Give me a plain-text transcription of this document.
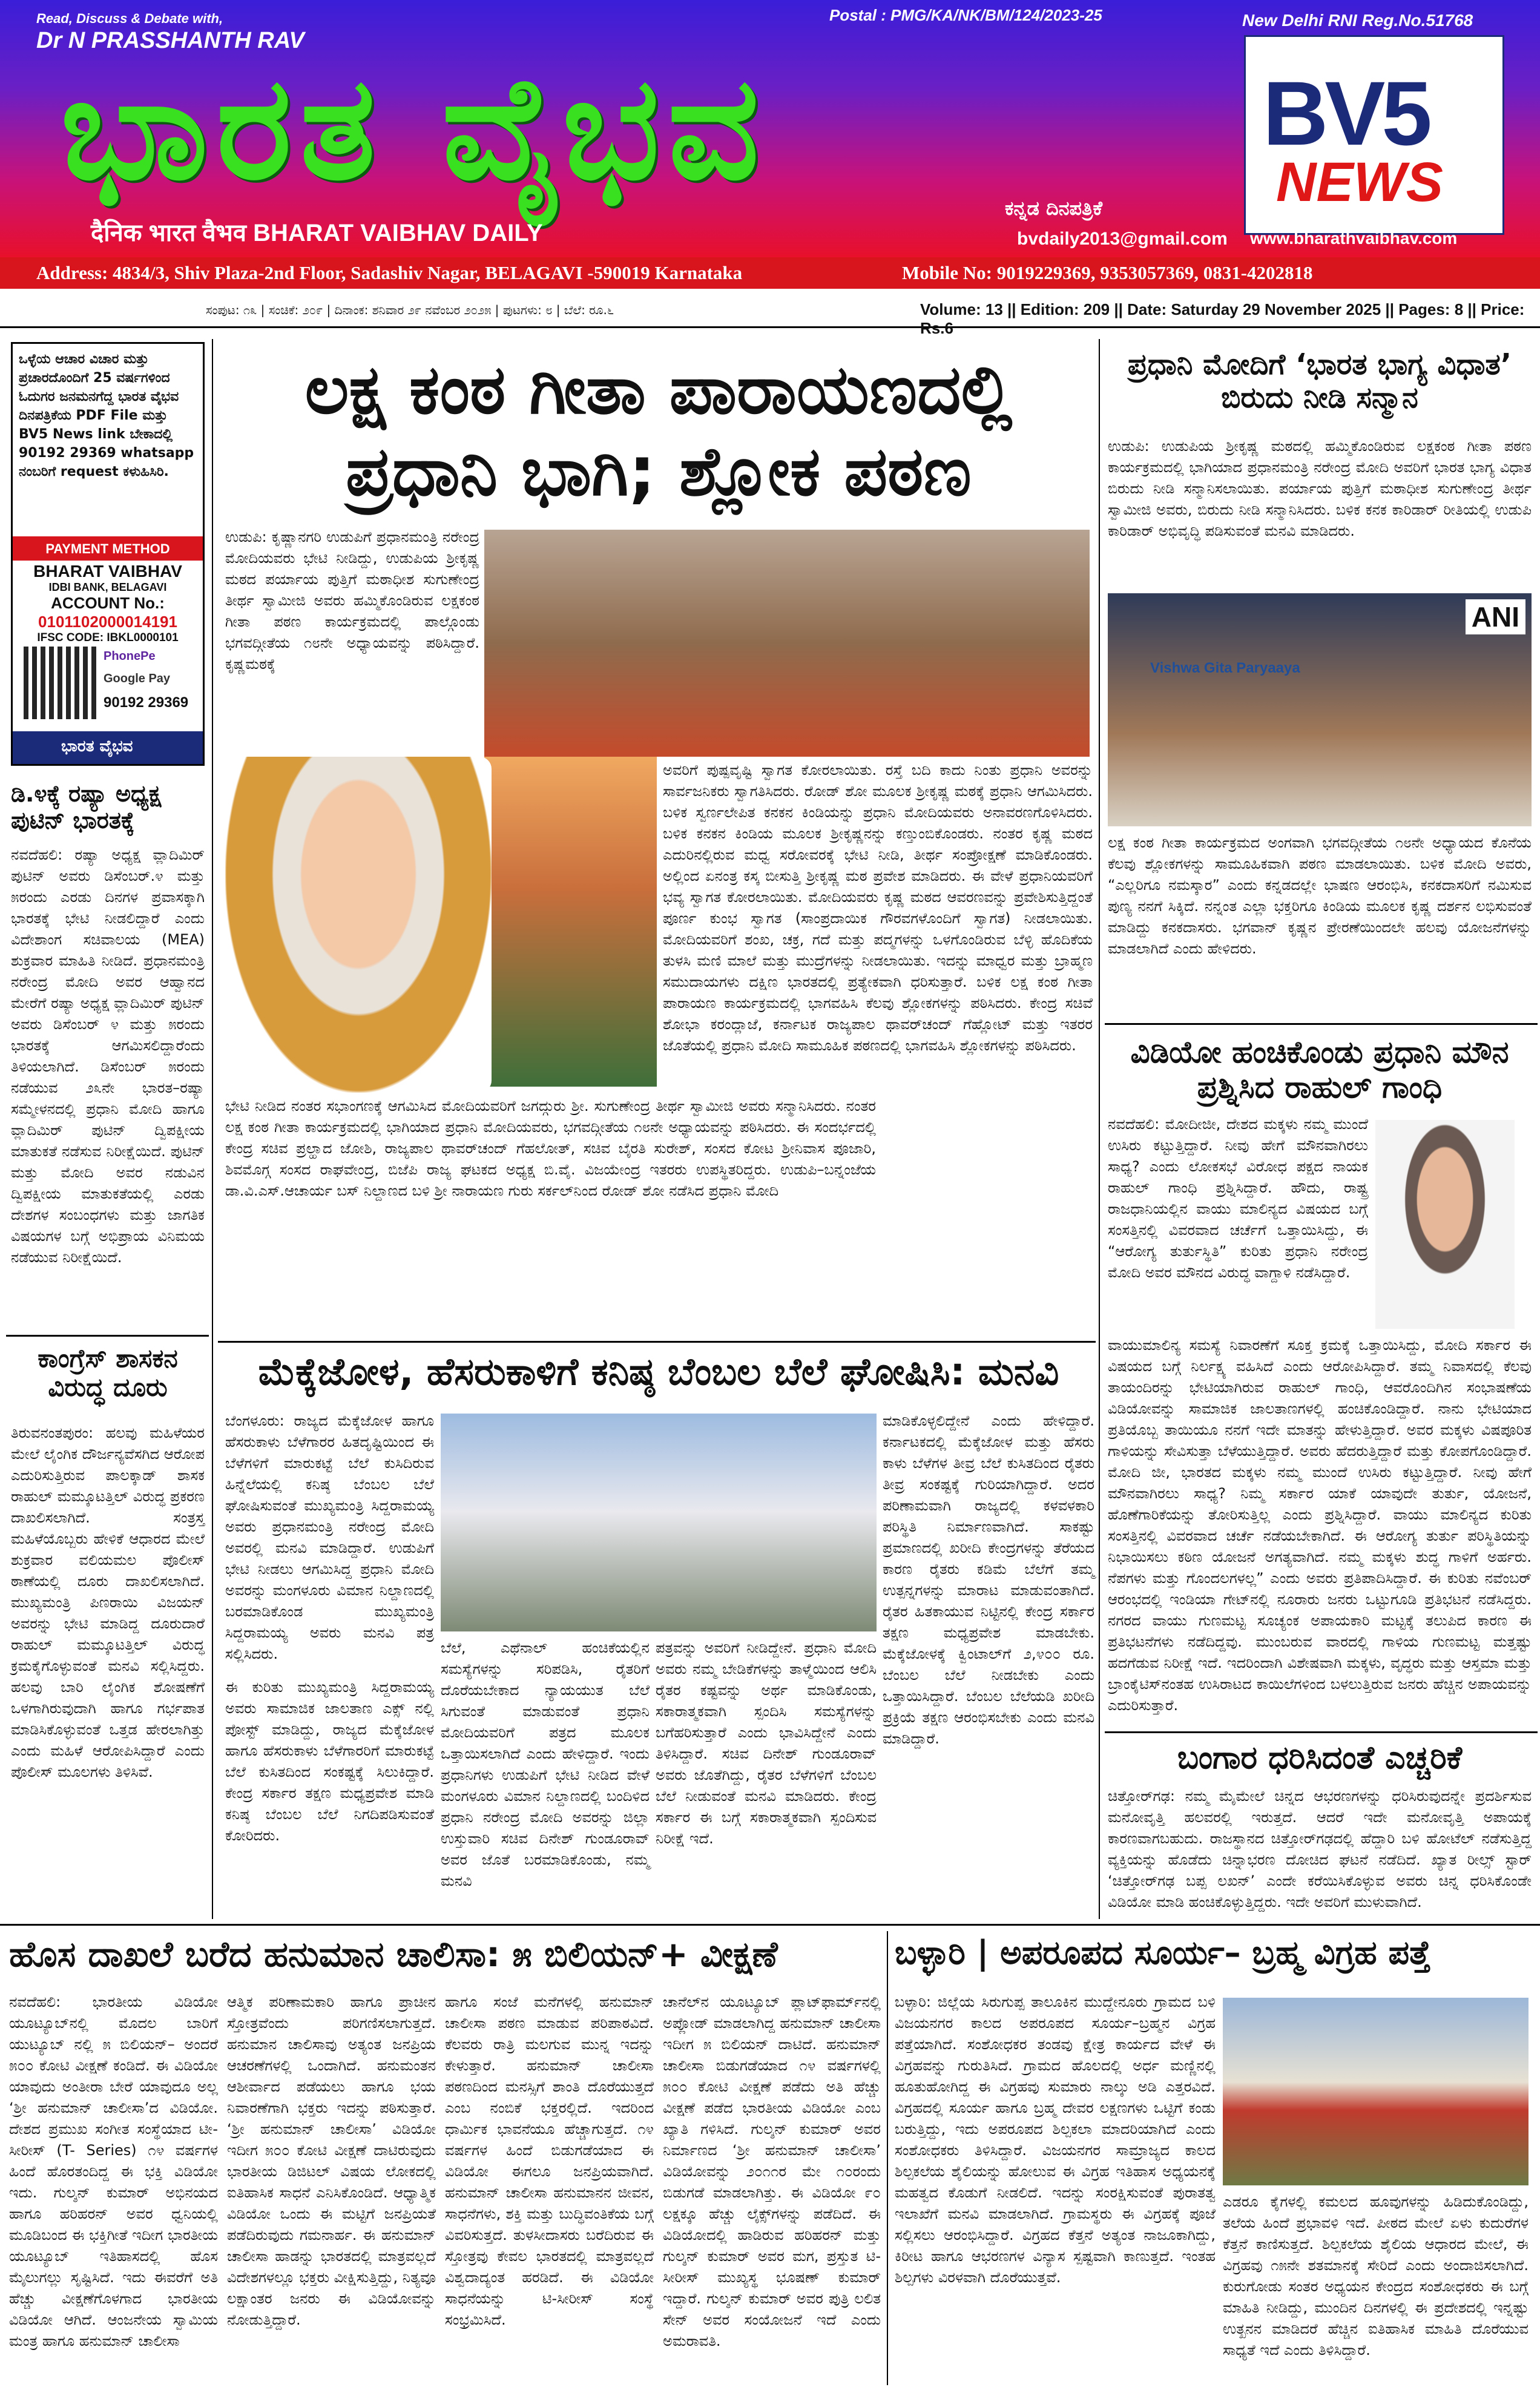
Read, Discuss & Debate with,
Dr N PRASSHANTH RAV
Postal : PMG/KA/NK/BM/124/2023-25	New Delhi RNI Reg.No.51768
ಭಾರತ ವೈಭವ	ಕನ್ನಡ ದಿನಪತ್ರಿಕೆ
दैनिक भारत वैभव BHARAT VAIBHAV DAILY	bvdaily2013@gmail.com
BV5
NEWS
www.bharathvaibhav.com
Address: 4834/3, Shiv Plaza-2nd Floor, Sadashiv Nagar, BELAGAVI -590019 Karnataka	Mobile No: 9019229369, 9353057369, 0831-4202818
ಸಂಪುಟ: ೧೩ | ಸಂಚಿಕೆ: ೨೦೯ | ದಿನಾಂಕ: ಶನಿವಾರ ೨೯ ನವೆಂಬರ ೨೦೨೫ | ಪುಟಗಳು: ೮ | ಬೆಲೆ: ರೂ.೬	Volume: 13 || Edition: 209 || Date: Saturday 29 November 2025 || Pages: 8 || Price: Rs.6
ಒಳ್ಳೆಯ ಆಚಾರ ವಿಚಾರ ಮತ್ತು ಪ್ರಚಾರದೊಂದಿಗೆ 25 ವರ್ಷಗಳಿಂದ ಓದುಗರ ಜನಮನಗೆದ್ದ ಭಾರತ ವೈಭವ ದಿನಪತ್ರಿಕೆಯ PDF File ಮತ್ತು BV5 News link ಬೇಕಾದಲ್ಲಿ 90192 29369 whatsapp ನಂಬರಿಗೆ request ಕಳುಹಿಸಿರಿ.
PAYMENT METHOD
BHARAT VAIBHAV
IDBI BANK, BELAGAVI
ACCOUNT No.:
0101102000014191
IFSC CODE: IBKL0000101
PhonePe
Google Pay
90192 29369
ಭಾರತ ವೈಭವ
ಡಿ.೪ಕ್ಕೆ ರಷ್ಯಾ ಅಧ್ಯಕ್ಷ ಪುಟಿನ್ ಭಾರತಕ್ಕೆ
ನವದೆಹಲಿ: ರಷ್ಯಾ ಅಧ್ಯಕ್ಷ ವ್ಲಾದಿಮಿರ್ ಪುಟಿನ್ ಅವರು ಡಿಸೆಂಬರ್.೪ ಮತ್ತು ೫ರಂದು ಎರಡು ದಿನಗಳ ಪ್ರವಾಸಕ್ಕಾಗಿ ಭಾರತಕ್ಕೆ ಭೇಟಿ ನೀಡಲಿದ್ದಾರೆ ಎಂದು ವಿದೇಶಾಂಗ ಸಚಿವಾಲಯ (MEA) ಶುಕ್ರವಾರ ಮಾಹಿತಿ ನೀಡಿದೆ. ಪ್ರಧಾನಮಂತ್ರಿ ನರೇಂದ್ರ ಮೋದಿ ಅವರ ಆಹ್ವಾನದ ಮೇರೆಗೆ ರಷ್ಯಾ ಅಧ್ಯಕ್ಷ ವ್ಲಾದಿಮಿರ್ ಪುಟಿನ್ ಅವರು ಡಿಸೆಂಬರ್ ೪ ಮತ್ತು ೫ರಂದು ಭಾರತಕ್ಕೆ ಆಗಮಿಸಲಿದ್ದಾರೆಂದು ತಿಳಿಯಲಾಗಿದೆ. ಡಿಸೆಂಬರ್ ೫ರಂದು ನಡೆಯುವ ೨೩ನೇ ಭಾರತ–ರಷ್ಯಾ ಸಮ್ಮೇಳನದಲ್ಲಿ ಪ್ರಧಾನಿ ಮೋದಿ ಹಾಗೂ ವ್ಲಾದಿಮಿರ್ ಪುಟಿನ್ ದ್ವಿಪಕ್ಷೀಯ ಮಾತುಕತೆ ನಡೆಸುವ ನಿರೀಕ್ಷೆಯಿದೆ. ಪುಟಿನ್ ಮತ್ತು ಮೋದಿ ಅವರ ನಡುವಿನ ದ್ವಿಪಕ್ಷೀಯ ಮಾತುಕತೆಯಲ್ಲಿ ಎರಡು ದೇಶಗಳ ಸಂಬಂಧಗಳು ಮತ್ತು ಜಾಗತಿಕ ವಿಷಯಗಳ ಬಗ್ಗೆ ಅಭಿಪ್ರಾಯ ವಿನಿಮಯ ನಡೆಯುವ ನಿರೀಕ್ಷೆಯಿದೆ.
ಕಾಂಗ್ರೆಸ್ ಶಾಸಕನ ವಿರುದ್ಧ ದೂರು
ತಿರುವನಂತಪುರಂ: ಹಲವು ಮಹಿಳೆಯರ ಮೇಲೆ ಲೈಂಗಿಕ ದೌರ್ಜನ್ಯವೆಸಗಿದ ಆರೋಪ ಎದುರಿಸುತ್ತಿರುವ ಪಾಲಕ್ಕಾಡ್ ಶಾಸಕ ರಾಹುಲ್ ಮಮ್ಕೂಟತ್ತಿಲ್ ವಿರುದ್ಧ ಪ್ರಕರಣ ದಾಖಲಿಸಲಾಗಿದೆ. ಸಂತ್ರಸ್ತ ಮಹಿಳೆಯೊಬ್ಬರು ಹೇಳಿಕೆ ಆಧಾರದ ಮೇಲೆ ಶುಕ್ರವಾರ ವಲಿಯಮಲ ಪೊಲೀಸ್ ಠಾಣೆಯಲ್ಲಿ ದೂರು ದಾಖಲಿಸಲಾಗಿದೆ. ಮುಖ್ಯಮಂತ್ರಿ ಪಿಣರಾಯಿ ವಿಜಯನ್ ಅವರನ್ನು ಭೇಟಿ ಮಾಡಿದ್ದ ದೂರುದಾರೆ ರಾಹುಲ್ ಮಮ್ಕೂಟತ್ತಿಲ್ ವಿರುದ್ಧ ಕ್ರಮಕೈಗೊಳ್ಳುವಂತೆ ಮನವಿ ಸಲ್ಲಿಸಿದ್ದರು. ಹಲವು ಬಾರಿ ಲೈಂಗಿಕ ಶೋಷಣೆಗೆ ಒಳಗಾಗಿರುವುದಾಗಿ ಹಾಗೂ ಗರ್ಭಪಾತ ಮಾಡಿಸಿಕೊಳ್ಳುವಂತೆ ಒತ್ತಡ ಹೇರಲಾಗಿತ್ತು ಎಂದು ಮಹಿಳೆ ಆರೋಪಿಸಿದ್ದಾರೆ ಎಂದು ಪೊಲೀಸ್ ಮೂಲಗಳು ತಿಳಿಸಿವೆ.
ಲಕ್ಷ ಕಂಠ ಗೀತಾ ಪಾರಾಯಣದಲ್ಲಿ
ಪ್ರಧಾನಿ ಭಾಗಿ; ಶ್ಲೋಕ ಪಠಣ
ಉಡುಪಿ: ಕೃಷ್ಣಾನಗರಿ ಉಡುಪಿಗೆ ಪ್ರಧಾನಮಂತ್ರಿ ನರೇಂದ್ರ ಮೋದಿಯವರು ಭೇಟಿ ನೀಡಿದ್ದು, ಉಡುಪಿಯ ಶ್ರೀಕೃಷ್ಣ ಮಠದ ಪರ್ಯಾಯ ಪುತ್ತಿಗೆ ಮಠಾಧೀಶ ಸುಗುಣೇಂದ್ರ ತೀರ್ಥ ಸ್ವಾಮೀಜಿ ಅವರು ಹಮ್ಮಿಕೊಂಡಿರುವ ಲಕ್ಷಕಂಠ ಗೀತಾ ಪಠಣ ಕಾರ್ಯಕ್ರಮದಲ್ಲಿ ಪಾಲ್ಗೊಂಡು ಭಗವದ್ಗೀತೆಯ ೧೮ನೇ ಅಧ್ಯಾಯವನ್ನು ಪಠಿಸಿದ್ದಾರೆ. ಕೃಷ್ಣಮಠಕ್ಕೆ
ಅವರಿಗೆ ಪುಷ್ಪವೃಷ್ಟಿ ಸ್ವಾಗತ ಕೋರಲಾಯಿತು. ರಸ್ತೆ ಬದಿ ಕಾದು ನಿಂತು ಪ್ರಧಾನಿ ಅವರನ್ನು ಸಾರ್ವಜನಿಕರು ಸ್ವಾಗತಿಸಿದರು. ರೋಡ್ ಶೋ ಮೂಲಕ ಶ್ರೀಕೃಷ್ಣ ಮಠಕ್ಕೆ ಪ್ರಧಾನಿ ಆಗಮಿಸಿದರು. ಬಳಿಕ ಸ್ವರ್ಣಲೇಪಿತ ಕನಕನ ಕಿಂಡಿಯನ್ನು ಪ್ರಧಾನಿ ಮೋದಿಯವರು ಅನಾವರಣಗೊಳಿಸಿದರು. ಬಳಿಕ ಕನಕನ ಕಿಂಡಿಯ ಮೂಲಕ ಶ್ರೀಕೃಷ್ಣನನ್ನು ಕಣ್ತುಂಬಿಕೊಂಡರು. ನಂತರ ಕೃಷ್ಣ ಮಠದ ಎದುರಿನಲ್ಲಿರುವ ಮಧ್ವ ಸರೋವರಕ್ಕೆ ಭೇಟಿ ನೀಡಿ, ತೀರ್ಥ ಸಂಪ್ರೋಕ್ಷಣೆ ಮಾಡಿಕೊಂಡರು. ಅಲ್ಲಿಂದ ಏನಂತ್ರ ಕಸ್ಕ ಬೀಸುತ್ತಿ ಶ್ರೀಕೃಷ್ಣ ಮಠ ಪ್ರವೇಶ ಮಾಡಿದರು. ಈ ವೇಳೆ ಪ್ರಧಾನಿಯವರಿಗೆ ಭವ್ಯ ಸ್ವಾಗತ ಕೋರಲಾಯಿತು. ಮೋದಿಯವರು ಕೃಷ್ಣ ಮಠದ ಆವರಣವನ್ನು ಪ್ರವೇಶಿಸುತ್ತಿದ್ದಂತೆ ಪೂರ್ಣ ಕುಂಭ ಸ್ವಾಗತ (ಸಾಂಪ್ರದಾಯಿಕ ಗೌರವಗಳೊಂದಿಗೆ ಸ್ವಾಗತ) ನೀಡಲಾಯಿತು. ಮೋದಿಯವರಿಗೆ ಶಂಖ, ಚಕ್ರ, ಗದೆ ಮತ್ತು ಪದ್ಮಗಳನ್ನು ಒಳಗೊಂಡಿರುವ ಬೆಳ್ಳಿ ಹೊದಿಕೆಯ ತುಳಸಿ ಮಣಿ ಮಾಲೆ ಮತ್ತು ಮುದ್ರೆಗಳನ್ನು ನೀಡಲಾಯಿತು. ಇದನ್ನು ಮಾಧ್ವರ ಮತ್ತು ಬ್ರಾಹ್ಮಣ ಸಮುದಾಯಗಳು ದಕ್ಷಿಣ ಭಾರತದಲ್ಲಿ ಪ್ರತ್ಯೇಕವಾಗಿ ಧರಿಸುತ್ತಾರೆ. ಬಳಿಕ ಲಕ್ಷ ಕಂಠ ಗೀತಾ ಪಾರಾಯಣ ಕಾರ್ಯಕ್ರಮದಲ್ಲಿ ಭಾಗವಹಿಸಿ ಕೆಲವು ಶ್ಲೋಕಗಳನ್ನು ಪಠಿಸಿದರು. ಕೇಂದ್ರ ಸಚಿವೆ ಶೋಭಾ ಕರಂದ್ಲಾಜೆ, ಕರ್ನಾಟಕ ರಾಜ್ಯಪಾಲ ಥಾವರ್‌ಚಂದ್ ಗೆಹ್ಲೋಟ್ ಮತ್ತು ಇತರರ ಜೊತೆಯಲ್ಲಿ ಪ್ರಧಾನಿ ಮೋದಿ ಸಾಮೂಹಿಕ ಪಠಣದಲ್ಲಿ ಭಾಗವಹಿಸಿ ಶ್ಲೋಕಗಳನ್ನು ಪಠಿಸಿದರು.
ಭೇಟಿ ನೀಡಿದ ನಂತರ ಸಭಾಂಗಣಕ್ಕೆ ಆಗಮಿಸಿದ ಮೋದಿಯವರಿಗೆ ಜಗದ್ಗುರು ಶ್ರೀ. ಸುಗುಣೇಂದ್ರ ತೀರ್ಥ ಸ್ವಾಮೀಜಿ ಅವರು ಸನ್ಮಾನಿಸಿದರು. ನಂತರ ಲಕ್ಷ ಕಂಠ ಗೀತಾ ಕಾರ್ಯಕ್ರಮದಲ್ಲಿ ಭಾಗಿಯಾದ ಪ್ರಧಾನಿ ಮೋದಿಯವರು, ಭಗವದ್ಗೀತೆಯ ೧೮ನೇ ಅಧ್ಯಾಯವನ್ನು ಪಠಿಸಿದರು. ಈ ಸಂದರ್ಭದಲ್ಲಿ ಕೇಂದ್ರ ಸಚಿವ ಪ್ರಲ್ಹಾದ ಜೋಶಿ, ರಾಜ್ಯಪಾಲ ಥಾವರ್‌ಚಂದ್ ಗೆಹಲೋತ್, ಸಚಿವ ಬೈರತಿ ಸುರೇಶ್, ಸಂಸದ ಕೋಟ ಶ್ರೀನಿವಾಸ ಪೂಜಾರಿ, ಶಿವಮೊಗ್ಗ ಸಂಸದ ರಾಘವೇಂದ್ರ, ಬಿಜೆಪಿ ರಾಜ್ಯ ಘಟಕದ ಅಧ್ಯಕ್ಷ ಬಿ.ವೈ. ವಿಜಯೇಂದ್ರ ಇತರರು ಉಪಸ್ಥಿತರಿದ್ದರು. ಉಡುಪಿ–ಬನ್ನಂಜೆಯ ಡಾ.ವಿ.ಎಸ್.ಆಚಾರ್ಯ ಬಸ್ ನಿಲ್ದಾಣದ ಬಳಿ ಶ್ರೀ ನಾರಾಯಣ ಗುರು ಸರ್ಕಲ್‌ನಿಂದ ರೋಡ್ ಶೋ ನಡೆಸಿದ ಪ್ರಧಾನಿ ಮೋದಿ
ಮೆಕ್ಕೆಜೋಳ, ಹೆಸರುಕಾಳಿಗೆ ಕನಿಷ್ಠ ಬೆಂಬಲ ಬೆಲೆ ಘೋಷಿಸಿ: ಮನವಿ
ಬೆಂಗಳೂರು: ರಾಜ್ಯದ ಮೆಕ್ಕೆಜೋಳ ಹಾಗೂ ಹೆಸರುಕಾಳು ಬೆಳೆಗಾರರ ಹಿತದೃಷ್ಟಿಯಿಂದ ಈ ಬೆಳೆಗಳಿಗೆ ಮಾರುಕಟ್ಟೆ ಬೆಲೆ ಕುಸಿದಿರುವ ಹಿನ್ನೆಲೆಯಲ್ಲಿ ಕನಿಷ್ಠ ಬೆಂಬಲ ಬೆಲೆ ಘೋಷಿಸುವಂತೆ ಮುಖ್ಯಮಂತ್ರಿ ಸಿದ್ದರಾಮಯ್ಯ ಅವರು ಪ್ರಧಾನಮಂತ್ರಿ ನರೇಂದ್ರ ಮೋದಿ ಅವರಲ್ಲಿ ಮನವಿ ಮಾಡಿದ್ದಾರೆ. ಉಡುಪಿಗೆ ಭೇಟಿ ನೀಡಲು ಆಗಮಿಸಿದ್ದ ಪ್ರಧಾನಿ ಮೋದಿ ಅವರನ್ನು ಮಂಗಳೂರು ವಿಮಾನ ನಿಲ್ದಾಣದಲ್ಲಿ ಬರಮಾಡಿಕೊಂಡ ಮುಖ್ಯಮಂತ್ರಿ ಸಿದ್ದರಾಮಯ್ಯ ಅವರು ಮನವಿ ಪತ್ರ ಸಲ್ಲಿಸಿದರು.
ಮಾಡಿಕೊಳ್ಳಲಿದ್ದೇನೆ ಎಂದು ಹೇಳಿದ್ದಾರೆ. ಕರ್ನಾಟಕದಲ್ಲಿ ಮೆಕ್ಕೆಜೋಳ ಮತ್ತು ಹೆಸರು ಕಾಳು ಬೆಳೆಗಳ ತೀವ್ರ ಬೆಲೆ ಕುಸಿತದಿಂದ ರೈತರು ತೀವ್ರ ಸಂಕಷ್ಟಕ್ಕೆ ಗುರಿಯಾಗಿದ್ದಾರೆ. ಅದರ ಪರಿಣಾಮವಾಗಿ ರಾಜ್ಯದಲ್ಲಿ ಕಳವಳಕಾರಿ ಪರಿಸ್ಥಿತಿ ನಿರ್ಮಾಣವಾಗಿದೆ. ಸಾಕಷ್ಟು ಪ್ರಮಾಣದಲ್ಲಿ ಖರೀದಿ ಕೇಂದ್ರಗಳನ್ನು ತೆರೆಯದ ಕಾರಣ ರೈತರು ಕಡಿಮೆ ಬೆಲೆಗೆ ತಮ್ಮ ಉತ್ಪನ್ನಗಳನ್ನು ಮಾರಾಟ ಮಾಡುವಂತಾಗಿದೆ. ರೈತರ ಹಿತಕಾಯುವ ನಿಟ್ಟಿನಲ್ಲಿ ಕೇಂದ್ರ ಸರ್ಕಾರ ತಕ್ಷಣ ಮಧ್ಯಪ್ರವೇಶ ಮಾಡಬೇಕು. ಮೆಕ್ಕೆಜೋಳಕ್ಕೆ ಕ್ವಿಂಟಾಲ್‌ಗೆ ೨,೪೦೦ ರೂ. ಬೆಂಬಲ ಬೆಲೆ ನೀಡಬೇಕು ಎಂದು ಒತ್ತಾಯಿಸಿದ್ದಾರೆ. ಬೆಂಬಲ ಬೆಲೆಯಡಿ ಖರೀದಿ ಪ್ರಕ್ರಿಯೆ ತಕ್ಷಣ ಆರಂಭಿಸಬೇಕು ಎಂದು ಮನವಿ ಮಾಡಿದ್ದಾರೆ.
ಈ ಕುರಿತು ಮುಖ್ಯಮಂತ್ರಿ ಸಿದ್ದರಾಮಯ್ಯ ಅವರು ಸಾಮಾಜಿಕ ಜಾಲತಾಣ ಎಕ್ಸ್ ನಲ್ಲಿ ಪೋಸ್ಟ್ ಮಾಡಿದ್ದು, ರಾಜ್ಯದ ಮೆಕ್ಕೆಜೋಳ ಹಾಗೂ ಹೆಸರುಕಾಳು ಬೆಳೆಗಾರರಿಗೆ ಮಾರುಕಟ್ಟೆ ಬೆಲೆ ಕುಸಿತದಿಂದ ಸಂಕಷ್ಟಕ್ಕೆ ಸಿಲುಕಿದ್ದಾರೆ. ಕೇಂದ್ರ ಸರ್ಕಾರ ತಕ್ಷಣ ಮಧ್ಯಪ್ರವೇಶ ಮಾಡಿ ಕನಿಷ್ಠ ಬೆಂಬಲ ಬೆಲೆ ನಿಗದಿಪಡಿಸುವಂತೆ ಕೋರಿದರು.
ಬೆಲೆ, ಎಥೆನಾಲ್ ಹಂಚಿಕೆಯಲ್ಲಿನ ಸಮಸ್ಯೆಗಳನ್ನು ಸರಿಪಡಿಸಿ, ರೈತರಿಗೆ ದೊರೆಯಬೇಕಾದ ನ್ಯಾಯಯುತ ಬೆಲೆ ಸಿಗುವಂತೆ ಮಾಡುವಂತೆ ಪ್ರಧಾನಿ ಮೋದಿಯವರಿಗೆ ಪತ್ರದ ಮೂಲಕ ಒತ್ತಾಯಿಸಲಾಗಿದೆ ಎಂದು ಹೇಳಿದ್ದಾರೆ. ಇಂದು ಪ್ರಧಾನಿಗಳು ಉಡುಪಿಗೆ ಭೇಟಿ ನೀಡಿದ ವೇಳೆ ಮಂಗಳೂರು ವಿಮಾನ ನಿಲ್ದಾಣದಲ್ಲಿ ಬಂದಿಳಿದ ಪ್ರಧಾನಿ ನರೇಂದ್ರ ಮೋದಿ ಅವರನ್ನು ಜಿಲ್ಲಾ ಉಸ್ತುವಾರಿ ಸಚಿವ ದಿನೇಶ್ ಗುಂಡೂರಾವ್ ಅವರ ಜೊತೆ ಬರಮಾಡಿಕೊಂಡು, ನಮ್ಮ ಮನವಿ
ಪತ್ರವನ್ನು ಅವರಿಗೆ ನೀಡಿದ್ದೇನೆ. ಪ್ರಧಾನಿ ಮೋದಿ ಅವರು ನಮ್ಮ ಬೇಡಿಕೆಗಳನ್ನು ತಾಳ್ಮೆಯಿಂದ ಆಲಿಸಿ ರೈತರ ಕಷ್ಟವನ್ನು ಅರ್ಥ ಮಾಡಿಕೊಂಡು, ಸಕಾರಾತ್ಮಕವಾಗಿ ಸ್ಪಂದಿಸಿ ಸಮಸ್ಯೆಗಳನ್ನು ಬಗೆಹರಿಸುತ್ತಾರೆ ಎಂದು ಭಾವಿಸಿದ್ದೇನೆ ಎಂದು ತಿಳಿಸಿದ್ದಾರೆ. ಸಚಿವ ದಿನೇಶ್ ಗುಂಡೂರಾವ್ ಅವರು ಜೊತೆಗಿದ್ದು, ರೈತರ ಬೆಳೆಗಳಿಗೆ ಬೆಂಬಲ ಬೆಲೆ ನೀಡುವಂತೆ ಮನವಿ ಮಾಡಿದರು. ಕೇಂದ್ರ ಸರ್ಕಾರ ಈ ಬಗ್ಗೆ ಸಕಾರಾತ್ಮಕವಾಗಿ ಸ್ಪಂದಿಸುವ ನಿರೀಕ್ಷೆ ಇದೆ.
ಪ್ರಧಾನಿ ಮೋದಿಗೆ ‘ಭಾರತ ಭಾಗ್ಯ ವಿಧಾತ’ ಬಿರುದು ನೀಡಿ ಸನ್ಮಾನ
ಉಡುಪಿ: ಉಡುಪಿಯ ಶ್ರೀಕೃಷ್ಣ ಮಠದಲ್ಲಿ ಹಮ್ಮಿಕೊಂಡಿರುವ ಲಕ್ಷಕಂಠ ಗೀತಾ ಪಠಣ ಕಾರ್ಯಕ್ರಮದಲ್ಲಿ ಭಾಗಿಯಾದ ಪ್ರಧಾನಮಂತ್ರಿ ನರೇಂದ್ರ ಮೋದಿ ಅವರಿಗೆ ಭಾರತ ಭಾಗ್ಯ ವಿಧಾತ ಬಿರುದು ನೀಡಿ ಸನ್ಮಾನಿಸಲಾಯಿತು. ಪರ್ಯಾಯ ಪುತ್ತಿಗೆ ಮಠಾಧೀಶ ಸುಗುಣೇಂದ್ರ ತೀರ್ಥ ಸ್ವಾಮೀಜಿ ಅವರು, ಬಿರುದು ನೀಡಿ ಸನ್ಮಾನಿಸಿದರು. ಬಳಿಕ ಕನಕ ಕಾರಿಡಾರ್ ರೀತಿಯಲ್ಲಿ ಉಡುಪಿ ಕಾರಿಡಾರ್ ಅಭಿವೃದ್ಧಿ ಪಡಿಸುವಂತೆ ಮನವಿ ಮಾಡಿದರು.
ANI
Vishwa Gita Paryaaya
ಲಕ್ಷ ಕಂಠ ಗೀತಾ ಕಾರ್ಯಕ್ರಮದ ಅಂಗವಾಗಿ ಭಗವದ್ಗೀತೆಯ ೧೮ನೇ ಅಧ್ಯಾಯದ ಕೊನೆಯ ಕೆಲವು ಶ್ಲೋಕಗಳನ್ನು ಸಾಮೂಹಿಕವಾಗಿ ಪಠಣ ಮಾಡಲಾಯಿತು. ಬಳಿಕ ಮೋದಿ ಅವರು, “ಎಲ್ಲರಿಗೂ ನಮಸ್ಕಾರ” ಎಂದು ಕನ್ನಡದಲ್ಲೇ ಭಾಷಣ ಆರಂಭಿಸಿ, ಕನಕದಾಸರಿಗೆ ನಮಿಸುವ ಪುಣ್ಯ ನನಗೆ ಸಿಕ್ಕಿದೆ. ನನ್ನಂತ ಎಲ್ಲಾ ಭಕ್ತರಿಗೂ ಕಿಂಡಿಯ ಮೂಲಕ ಕೃಷ್ಣ ದರ್ಶನ ಲಭಿಸುವಂತೆ ಮಾಡಿದ್ದು ಕನಕದಾಸರು. ಭಗವಾನ್ ಕೃಷ್ಣನ ಪ್ರೇರಣೆಯಿಂದಲೇ ಹಲವು ಯೋಜನೆಗಳನ್ನು ಮಾಡಲಾಗಿದೆ ಎಂದು ಹೇಳಿದರು.
ವಿಡಿಯೋ ಹಂಚಿಕೊಂಡು ಪ್ರಧಾನಿ ಮೌನ ಪ್ರಶ್ನಿಸಿದ ರಾಹುಲ್ ಗಾಂಧಿ
ನವದೆಹಲಿ: ಮೋದೀಜೀ, ದೇಶದ ಮಕ್ಕಳು ನಮ್ಮ ಮುಂದೆ ಉಸಿರು ಕಟ್ಟುತ್ತಿದ್ದಾರೆ. ನೀವು ಹೇಗೆ ಮೌನವಾಗಿರಲು ಸಾಧ್ಯ? ಎಂದು ಲೋಕಸಭೆ ವಿರೋಧ ಪಕ್ಷದ ನಾಯಕ ರಾಹುಲ್ ಗಾಂಧಿ ಪ್ರಶ್ನಿಸಿದ್ದಾರೆ. ಹೌದು, ರಾಷ್ಟ್ರ ರಾಜಧಾನಿಯಲ್ಲಿನ ವಾಯು ಮಾಲಿನ್ಯದ ವಿಷಯದ ಬಗ್ಗೆ ಸಂಸತ್ತಿನಲ್ಲಿ ವಿವರವಾದ ಚರ್ಚೆಗೆ ಒತ್ತಾಯಿಸಿದ್ದು, ಈ “ಆರೋಗ್ಯ ತುರ್ತುಸ್ಥಿತಿ” ಕುರಿತು ಪ್ರಧಾನಿ ನರೇಂದ್ರ ಮೋದಿ ಅವರ ಮೌನದ ವಿರುದ್ಧ ವಾಗ್ದಾಳಿ ನಡೆಸಿದ್ದಾರೆ.
ವಾಯುಮಾಲಿನ್ಯ ಸಮಸ್ಯೆ ನಿವಾರಣೆಗೆ ಸೂಕ್ತ ಕ್ರಮಕ್ಕೆ ಒತ್ತಾಯಿಸಿದ್ದು, ಮೋದಿ ಸರ್ಕಾರ ಈ ವಿಷಯದ ಬಗ್ಗೆ ನಿರ್ಲಕ್ಷ್ಯ ವಹಿಸಿದೆ ಎಂದು ಆರೋಪಿಸಿದ್ದಾರೆ. ತಮ್ಮ ನಿವಾಸದಲ್ಲಿ ಕೆಲವು ತಾಯಂದಿರನ್ನು ಭೇಟಿಯಾಗಿರುವ ರಾಹುಲ್ ಗಾಂಧಿ, ಆವರೊಂದಿಗಿನ ಸಂಭಾಷಣೆಯ ವಿಡಿಯೋವನ್ನು ಸಾಮಾಜಿಕ ಜಾಲತಾಣಗಳಲ್ಲಿ ಹಂಚಿಕೊಂಡಿದ್ದಾರೆ. ನಾನು ಭೇಟಿಯಾದ ಪ್ರತಿಯೊಬ್ಬ ತಾಯಿಯೂ ನನಗೆ ಇದೇ ಮಾತನ್ನು ಹೇಳುತ್ತಿದ್ದಾರೆ. ಅವರ ಮಕ್ಕಳು ವಿಷಪೂರಿತ ಗಾಳಿಯನ್ನು ಸೇವಿಸುತ್ತಾ ಬೆಳೆಯುತ್ತಿದ್ದಾರೆ. ಅವರು ಹೆದರುತ್ತಿದ್ದಾರೆ ಮತ್ತು ಕೋಪಗೊಂಡಿದ್ದಾರೆ. ಮೋದಿ ಜೀ, ಭಾರತದ ಮಕ್ಕಳು ನಮ್ಮ ಮುಂದೆ ಉಸಿರು ಕಟ್ಟುತ್ತಿದ್ದಾರೆ. ನೀವು ಹೇಗೆ ಮೌನವಾಗಿರಲು ಸಾಧ್ಯ? ನಿಮ್ಮ ಸರ್ಕಾರ ಯಾಕೆ ಯಾವುದೇ ತುರ್ತು, ಯೋಜನೆ, ಹೊಣೆಗಾರಿಕೆಯನ್ನು ತೋರಿಸುತ್ತಿಲ್ಲ ಎಂದು ಪ್ರಶ್ನಿಸಿದ್ದಾರೆ. ವಾಯು ಮಾಲಿನ್ಯದ ಕುರಿತು ಸಂಸತ್ತಿನಲ್ಲಿ ವಿವರವಾದ ಚರ್ಚೆ ನಡೆಯಬೇಕಾಗಿದೆ. ಈ ಆರೋಗ್ಯ ತುರ್ತು ಪರಿಸ್ಥಿತಿಯನ್ನು ನಿಭಾಯಿಸಲು ಕಠಿಣ ಯೋಜನೆ ಅಗತ್ಯವಾಗಿದೆ. ನಮ್ಮ ಮಕ್ಕಳು ಶುದ್ಧ ಗಾಳಿಗೆ ಅರ್ಹರು. ನೆಪಗಳು ಮತ್ತು ಗೊಂದಲಗಳಲ್ಲ” ಎಂದು ಅವರು ಪ್ರತಿಪಾದಿಸಿದ್ದಾರೆ. ಈ ಕುರಿತು ನವೆಂಬರ್ ಆರಂಭದಲ್ಲಿ ಇಂಡಿಯಾ ಗೇಟ್‌ನಲ್ಲಿ ನೂರಾರು ಜನರು ಒಟ್ಟುಗೂಡಿ ಪ್ರತಿಭಟನೆ ನಡೆಸಿದ್ದರು. ನಗರದ ವಾಯು ಗುಣಮಟ್ಟ ಸೂಚ್ಯಂಕ ಅಪಾಯಕಾರಿ ಮಟ್ಟಕ್ಕೆ ತಲುಪಿದ ಕಾರಣ ಈ ಪ್ರತಿಭಟನೆಗಳು ನಡೆದಿದ್ದವು. ಮುಂಬರುವ ವಾರದಲ್ಲಿ ಗಾಳಿಯ ಗುಣಮಟ್ಟ ಮತ್ತಷ್ಟು ಹದಗೆಡುವ ನಿರೀಕ್ಷೆ ಇದೆ. ಇದರಿಂದಾಗಿ ವಿಶೇಷವಾಗಿ ಮಕ್ಕಳು, ವೃದ್ಧರು ಮತ್ತು ಆಸ್ತಮಾ ಮತ್ತು ಬ್ರಾಂಕೈಟಿಸ್‌ನಂತಹ ಉಸಿರಾಟದ ಕಾಯಿಲೆಗಳಿಂದ ಬಳಲುತ್ತಿರುವ ಜನರು ಹೆಚ್ಚಿನ ಅಪಾಯವನ್ನು ಎದುರಿಸುತ್ತಾರೆ.
ಬಂಗಾರ ಧರಿಸಿದಂತೆ ಎಚ್ಚರಿಕೆ
ಚಿತ್ತೋರ್‌ಗಢ: ನಮ್ಮ ಮೈಮೇಲೆ ಚಿನ್ನದ ಆಭರಣಗಳನ್ನು ಧರಿಸಿರುವುದನ್ನೇ ಪ್ರದರ್ಶಿಸುವ ಮನೋವೃತ್ತಿ ಹಲವರಲ್ಲಿ ಇರುತ್ತದೆ. ಆದರೆ ಇದೇ ಮನೋವೃತ್ತಿ ಅಪಾಯಕ್ಕೆ ಕಾರಣವಾಗಬಹುದು. ರಾಜಸ್ಥಾನದ ಚಿತ್ತೋರ್‌ಗಢದಲ್ಲಿ ಹೆದ್ದಾರಿ ಬಳಿ ಹೋಟೆಲ್ ನಡೆಸುತ್ತಿದ್ದ ವ್ಯಕ್ತಿಯನ್ನು ಹೊಡೆದು ಚಿನ್ನಾಭರಣ ದೋಚಿದ ಘಟನೆ ನಡೆದಿದೆ. ಖ್ಯಾತ ರೀಲ್ಸ್ ಸ್ಟಾರ್ ‘ಚಿತ್ತೋರ್‌ಗಢ ಬಪ್ಪ ಲಖನ್’ ಎಂದೇ ಕರೆಯಿಸಿಕೊಳ್ಳುವ ಅವರು ಚಿನ್ನ ಧರಿಸಿಕೊಂಡೇ ವಿಡಿಯೋ ಮಾಡಿ ಹಂಚಿಕೊಳ್ಳುತ್ತಿದ್ದರು. ಇದೇ ಅವರಿಗೆ ಮುಳುವಾಗಿದೆ.
ಹೊಸ ದಾಖಲೆ ಬರೆದ ಹನುಮಾನ ಚಾಲಿಸಾ: ೫ ಬಿಲಿಯನ್+ ವೀಕ್ಷಣೆ
ನವದೆಹಲಿ: ಭಾರತೀಯ ವಿಡಿಯೋ ಯೂಟ್ಯೂಬ್‌ನಲ್ಲಿ ಮೊದಲ ಬಾರಿಗೆ ಯುಟ್ಯೂಬ್ ನಲ್ಲಿ ೫ ಬಿಲಿಯನ್– ಅಂದರೆ ೫೦೦ ಕೋಟಿ ವೀಕ್ಷಣೆ ಕಂಡಿದೆ. ಈ ವಿಡಿಯೋ ಯಾವುದು ಅಂತೀರಾ ಬೇರೆ ಯಾವುದೂ ಅಲ್ಲ ‘ಶ್ರೀ ಹನುಮಾನ್ ಚಾಲೀಸಾ’ದ ವಿಡಿಯೋ. ದೇಶದ ಪ್ರಮುಖ ಸಂಗೀತ ಸಂಸ್ಥೆಯಾದ ಟೀ-ಸೀರೀಸ್ (T- Series) ೧೪ ವರ್ಷಗಳ ಹಿಂದೆ ಹೊರತಂದಿದ್ದ ಈ ಭಕ್ತಿ ವಿಡಿಯೋ ಇದು. ಗುಲ್ಶನ್ ಕುಮಾರ್ ಅಭಿನಯದ ಹಾಗೂ ಹರಿಹರನ್ ಅವರ ಧ್ವನಿಯಲ್ಲಿ ಮೂಡಿಬಂದ ಈ ಭಕ್ತಿಗೀತೆ ಇದೀಗ ಭಾರತೀಯ ಯೂಟ್ಯೂಬ್ ಇತಿಹಾಸದಲ್ಲಿ ಹೊಸ ಮೈಲುಗಲ್ಲು ಸೃಷ್ಟಿಸಿದೆ. ಇದು ಈವರೆಗೆ ಅತಿ ಹೆಚ್ಚು ವೀಕ್ಷಣೆಗೊಳಗಾದ ಭಾರತೀಯ ವಿಡಿಯೋ ಆಗಿದೆ. ಆಂಜನೇಯ ಸ್ವಾಮಿಯ ಮಂತ್ರ ಹಾಗೂ ಹನುಮಾನ್ ಚಾಲೀಸಾ
ಆತ್ಮಿಕ ಪರಿಣಾಮಕಾರಿ ಹಾಗೂ ಪ್ರಾಚೀನ ಸ್ತೋತ್ರವೆಂದು ಪರಿಗಣಿಸಲಾಗುತ್ತದೆ. ಹನುಮಾನ ಚಾಲಿಸಾವು ಅತ್ಯಂತ ಜನಪ್ರಿಯ ಆಚರಣೆಗಳಲ್ಲಿ ಒಂದಾಗಿದೆ. ಹನುಮಂತನ ಆಶೀರ್ವಾದ ಪಡೆಯಲು ಹಾಗೂ ಭಯ ನಿವಾರಣೆಗಾಗಿ ಭಕ್ತರು ಇದನ್ನು ಪಠಿಸುತ್ತಾರೆ. ‘ಶ್ರೀ ಹನುಮಾನ್ ಚಾಲೀಸಾ’ ವಿಡಿಯೋ ಇದೀಗ ೫೦೦ ಕೋಟಿ ವೀಕ್ಷಣೆ ದಾಟಿರುವುದು ಭಾರತೀಯ ಡಿಜಿಟಲ್ ವಿಷಯ ಲೋಕದಲ್ಲಿ ಐತಿಹಾಸಿಕ ಸಾಧನೆ ಎನಿಸಿಕೊಂಡಿದೆ. ಆಧ್ಯಾತ್ಮಿಕ ವಿಡಿಯೋ ಒಂದು ಈ ಮಟ್ಟಿಗೆ ಜನಪ್ರಿಯತೆ ಪಡೆದಿರುವುದು ಗಮನಾರ್ಹ. ಈ ಹನುಮಾನ್ ಚಾಲೀಸಾ ಹಾಡನ್ನು ಭಾರತದಲ್ಲಿ ಮಾತ್ರವಲ್ಲದೆ ವಿದೇಶಗಳಲ್ಲೂ ಭಕ್ತರು ವೀಕ್ಷಿಸುತ್ತಿದ್ದು, ನಿತ್ಯವೂ ಲಕ್ಷಾಂತರ ಜನರು ಈ ವಿಡಿಯೋವನ್ನು ನೋಡುತ್ತಿದ್ದಾರೆ.
ಹಾಗೂ ಸಂಜೆ ಮನೆಗಳಲ್ಲಿ ಹನುಮಾನ್ ಚಾಲೀಸಾ ಪಠಣ ಮಾಡುವ ಪರಿಪಾಠವಿದೆ. ಕೆಲವರು ರಾತ್ರಿ ಮಲಗುವ ಮುನ್ನ ಇದನ್ನು ಕೇಳುತ್ತಾರೆ. ಹನುಮಾನ್ ಚಾಲೀಸಾ ಪಠಣದಿಂದ ಮನಸ್ಸಿಗೆ ಶಾಂತಿ ದೊರೆಯುತ್ತದೆ ಎಂಬ ನಂಬಿಕೆ ಭಕ್ತರಲ್ಲಿದೆ. ಇದರಿಂದ ಧಾರ್ಮಿಕ ಭಾವನೆಯೂ ಹೆಚ್ಚಾಗುತ್ತದೆ. ೧೪ ವರ್ಷಗಳ ಹಿಂದೆ ಬಿಡುಗಡೆಯಾದ ಈ ವಿಡಿಯೋ ಈಗಲೂ ಜನಪ್ರಿಯವಾಗಿದೆ. ಹನುಮಾನ್ ಚಾಲೀಸಾ ಹನುಮಾನನ ಜೀವನ, ಸಾಧನೆಗಳು, ಶಕ್ತಿ ಮತ್ತು ಬುದ್ಧಿವಂತಿಕೆಯ ಬಗ್ಗೆ ವಿವರಿಸುತ್ತದೆ. ತುಳಸೀದಾಸರು ಬರೆದಿರುವ ಈ ಸ್ತೋತ್ರವು ಕೇವಲ ಭಾರತದಲ್ಲಿ ಮಾತ್ರವಲ್ಲದೆ ವಿಶ್ವದಾದ್ಯಂತ ಹರಡಿದೆ. ಈ ವಿಡಿಯೋ ಸಾಧನೆಯನ್ನು ಟಿ-ಸೀರೀಸ್ ಸಂಸ್ಥೆ ಸಂಭ್ರಮಿಸಿದೆ.
ಚಾನೆಲ್‌ನ ಯೂಟ್ಯೂಬ್ ಪ್ಲಾಟ್‌ಫಾರ್ಮ್‌ನಲ್ಲಿ ಅಪ್ಲೋಡ್ ಮಾಡಲಾಗಿದ್ದ ಹನುಮಾನ್ ಚಾಲೀಸಾ ಇದೀಗ ೫ ಬಿಲಿಯನ್ ದಾಟಿದೆ. ಹನುಮಾನ್ ಚಾಲೀಸಾ ಬಿಡುಗಡೆಯಾದ ೧೪ ವರ್ಷಗಳಲ್ಲಿ ೫೦೦ ಕೋಟಿ ವೀಕ್ಷಣೆ ಪಡೆದು ಅತಿ ಹೆಚ್ಚು ವೀಕ್ಷಣೆ ಪಡೆದ ಭಾರತೀಯ ವಿಡಿಯೋ ಎಂಬ ಖ್ಯಾತಿ ಗಳಿಸಿದೆ. ಗುಲ್ಶನ್ ಕುಮಾರ್ ಅವರ ನಿರ್ಮಾಣದ ‘ಶ್ರೀ ಹನುಮಾನ್ ಚಾಲೀಸಾ’ ವಿಡಿಯೋವನ್ನು ೨೦೧೧ರ ಮೇ ೧೦ರಂದು ಬಿಡುಗಡೆ ಮಾಡಲಾಗಿತ್ತು. ಈ ವಿಡಿಯೋ ೯೦ ಲಕ್ಷಕ್ಕೂ ಹೆಚ್ಚು ಲೈಕ್ಸ್‌ಗಳನ್ನು ಪಡೆದಿದೆ. ಈ ವಿಡಿಯೋದಲ್ಲಿ ಹಾಡಿರುವ ಹರಿಹರನ್ ಮತ್ತು ಗುಲ್ಶನ್ ಕುಮಾರ್ ಅವರ ಮಗ, ಪ್ರಸ್ತುತ ಟಿ-ಸೀರೀಸ್ ಮುಖ್ಯಸ್ಥ ಭೂಷಣ್ ಕುಮಾರ್ ಇದ್ದಾರೆ. ಗುಲ್ಶನ್ ಕುಮಾರ್ ಅವರ ಪುತ್ರಿ ಲಲಿತ ಸೇನ್ ಅವರ ಸಂಯೋಜನೆ ಇದೆ ಎಂದು ಅಮರಾವತಿ.
ಬಳ್ಳಾರಿ | ಅಪರೂಪದ ಸೂರ್ಯ– ಬ್ರಹ್ಮ ವಿಗ್ರಹ ಪತ್ತೆ
ಬಳ್ಳಾರಿ: ಜಿಲ್ಲೆಯ ಸಿರುಗುಪ್ಪ ತಾಲೂಕಿನ ಮುದ್ದೇನೂರು ಗ್ರಾಮದ ಬಳಿ ವಿಜಯನಗರ ಕಾಲದ ಅಪರೂಪದ ಸೂರ್ಯ–ಬ್ರಹ್ಮನ ವಿಗ್ರಹ ಪತ್ತೆಯಾಗಿದೆ. ಸಂಶೋಧಕರ ತಂಡವು ಕ್ಷೇತ್ರ ಕಾರ್ಯದ ವೇಳೆ ಈ ವಿಗ್ರಹವನ್ನು ಗುರುತಿಸಿದೆ. ಗ್ರಾಮದ ಹೊಲದಲ್ಲಿ ಅರ್ಧ ಮಣ್ಣಿನಲ್ಲಿ ಹೂತುಹೋಗಿದ್ದ ಈ ವಿಗ್ರಹವು ಸುಮಾರು ನಾಲ್ಕು ಅಡಿ ಎತ್ತರವಿದೆ. ವಿಗ್ರಹದಲ್ಲಿ ಸೂರ್ಯ ಹಾಗೂ ಬ್ರಹ್ಮ ದೇವರ ಲಕ್ಷಣಗಳು ಒಟ್ಟಿಗೆ ಕಂಡು ಬರುತ್ತಿದ್ದು, ಇದು ಅಪರೂಪದ ಶಿಲ್ಪಕಲಾ ಮಾದರಿಯಾಗಿದೆ ಎಂದು ಸಂಶೋಧಕರು ತಿಳಿಸಿದ್ದಾರೆ. ವಿಜಯನಗರ ಸಾಮ್ರಾಜ್ಯದ ಕಾಲದ ಶಿಲ್ಪಕಲೆಯ ಶೈಲಿಯನ್ನು ಹೋಲುವ ಈ ವಿಗ್ರಹ ಇತಿಹಾಸ ಅಧ್ಯಯನಕ್ಕೆ ಮಹತ್ವದ ಕೊಡುಗೆ ನೀಡಲಿದೆ. ಇದನ್ನು ಸಂರಕ್ಷಿಸುವಂತೆ ಪುರಾತತ್ವ ಇಲಾಖೆಗೆ ಮನವಿ ಮಾಡಲಾಗಿದೆ. ಗ್ರಾಮಸ್ಥರು ಈ ವಿಗ್ರಹಕ್ಕೆ ಪೂಜೆ ಸಲ್ಲಿಸಲು ಆರಂಭಿಸಿದ್ದಾರೆ. ವಿಗ್ರಹದ ಕೆತ್ತನೆ ಅತ್ಯಂತ ನಾಜೂಕಾಗಿದ್ದು, ಕಿರೀಟ ಹಾಗೂ ಆಭರಣಗಳ ವಿನ್ಯಾಸ ಸ್ಪಷ್ಟವಾಗಿ ಕಾಣುತ್ತದೆ. ಇಂತಹ ಶಿಲ್ಪಗಳು ವಿರಳವಾಗಿ ದೊರೆಯುತ್ತವೆ.
ಎಡರೂ ಕೈಗಳಲ್ಲಿ ಕಮಲದ ಹೂವುಗಳನ್ನು ಹಿಡಿದುಕೊಂಡಿದ್ದು, ತಲೆಯ ಹಿಂದೆ ಪ್ರಭಾವಳಿ ಇದೆ. ಪೀಠದ ಮೇಲೆ ಏಳು ಕುದುರೆಗಳ ಕೆತ್ತನೆ ಕಾಣಿಸುತ್ತದೆ. ಶಿಲ್ಪಕಲೆಯ ಶೈಲಿಯ ಆಧಾರದ ಮೇಲೆ, ಈ ವಿಗ್ರಹವು ೧೫ನೇ ಶತಮಾನಕ್ಕೆ ಸೇರಿದೆ ಎಂದು ಅಂದಾಜಿಸಲಾಗಿದೆ. ಕುರುಗೋಡು ಸಂತರ ಅಧ್ಯಯನ ಕೇಂದ್ರದ ಸಂಶೋಧಕರು ಈ ಬಗ್ಗೆ ಮಾಹಿತಿ ನೀಡಿದ್ದು, ಮುಂದಿನ ದಿನಗಳಲ್ಲಿ ಈ ಪ್ರದೇಶದಲ್ಲಿ ಇನ್ನಷ್ಟು ಉತ್ಖನನ ಮಾಡಿದರೆ ಹೆಚ್ಚಿನ ಐತಿಹಾಸಿಕ ಮಾಹಿತಿ ದೊರೆಯುವ ಸಾಧ್ಯತೆ ಇದೆ ಎಂದು ತಿಳಿಸಿದ್ದಾರೆ.
